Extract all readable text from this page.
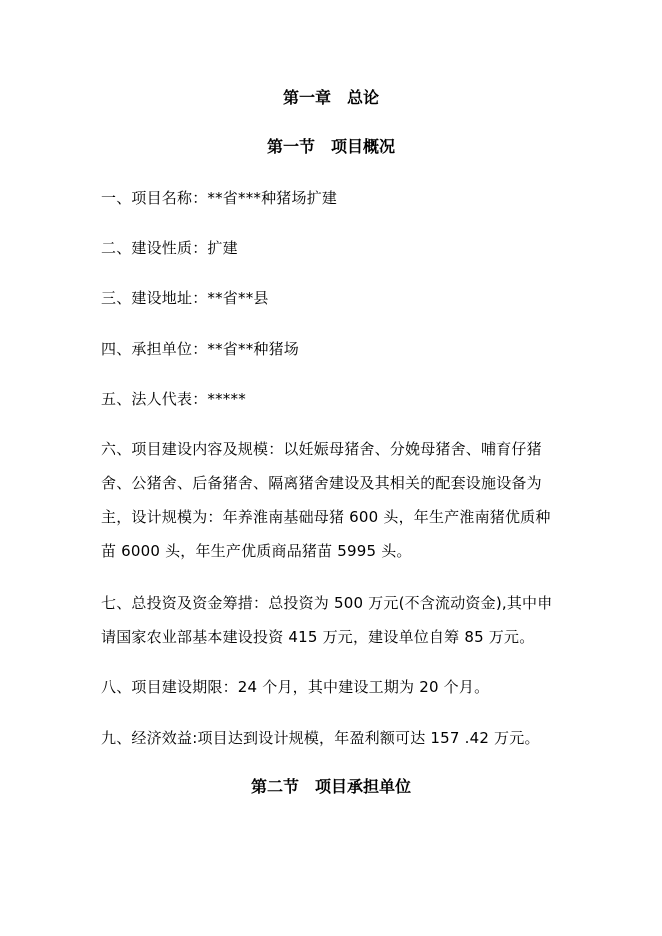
第一章　总论
第一节　项目概况
一、项目名称：**省***种猪场扩建
二、建设性质：扩建
三、建设地址：**省**县
四、承担单位：**省**种猪场
五、法人代表：*****
六、项目建设内容及规模：以妊娠母猪舍、分娩母猪舍、哺育仔猪
舍、公猪舍、后备猪舍、隔离猪舍建设及其相关的配套设施设备为
主，设计规模为：年养淮南基础母猪 600 头，年生产淮南猪优质种
苗 6000 头，年生产优质商品猪苗 5995 头。
七、总投资及资金筹措：总投资为 500 万元(不含流动资金),其中申
请国家农业部基本建设投资 415 万元，建设单位自筹 85 万元。
八、项目建设期限：24 个月，其中建设工期为 20 个月。
九、经济效益:项目达到设计规模，年盈利额可达 157 .42 万元。
第二节　项目承担单位
